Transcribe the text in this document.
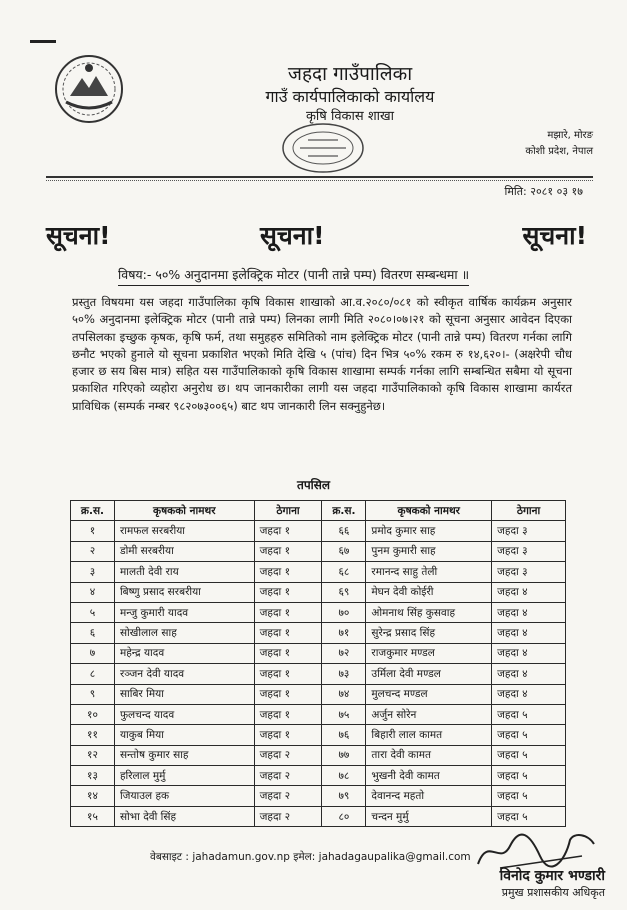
जहदा गाउँपालिका
गाउँ कार्यपालिकाको कार्यालय
कृषि विकास शाखा
मझारे, मोरङ
कोशी प्रदेश, नेपाल
मिति: २०८१ ०३ १७
सूचना!	सूचना!	सूचना!
विषय:- ५०% अनुदानमा इलेक्ट्रिक मोटर (पानी तान्ने पम्प) वितरण सम्बन्धमा ॥
प्रस्तुत विषयमा यस जहदा गाउँपालिका कृषि विकास शाखाको आ.व.२०८०/०८१ को स्वीकृत वार्षिक कार्यक्रम अनुसार ५०% अनुदानमा इलेक्ट्रिक मोटर (पानी तान्ने पम्प) लिनका लागी मिति २०८०।०७।२१ को सूचना अनुसार आवेदन दिएका तपसिलका इच्छुक कृषक, कृषि फर्म, तथा समुहहरु समितिको नाम इलेक्ट्रिक मोटर (पानी तान्ने पम्प) वितरण गर्नका लागि छनौट भएको हुनाले यो सूचना प्रकाशित भएको मिति देखि ५ (पांच) दिन भित्र ५०% रकम रु १४,६२०।- (अक्षरेपी चौध हजार छ सय बिस मात्र) सहित यस गाउँपालिकाको कृषि विकास शाखामा सम्पर्क गर्नका लागि सम्बन्धित सबैमा यो सूचना प्रकाशित गरिएको व्यहोरा अनुरोध छ। थप जानकारीका लागी यस जहदा गाउँपालिकाको कृषि विकास शाखामा कार्यरत प्राविधिक (सम्पर्क नम्बर ९८२०७३००६५) बाट थप जानकारी लिन सक्नुहुनेछ।
तपसिल
क्र.स.	कृषकको नामथर	ठेगाना	क्र.स.	कृषकको नामथर	ठेगाना
१	रामफल सरबरीया	जहदा १	६६	प्रमोद कुमार साह	जहदा ३
२	डोमी सरबरीया	जहदा १	६७	पुनम कुमारी साह	जहदा ३
३	मालती देवी राय	जहदा १	६८	रमानन्द साहु तेली	जहदा ३
४	बिष्णु प्रसाद सरबरीया	जहदा १	६९	मेघन देवी कोईरी	जहदा ४
५	मन्जु कुमारी यादव	जहदा १	७०	ओमनाथ सिंह कुसवाह	जहदा ४
६	सोखीलाल साह	जहदा १	७१	सुरेन्द्र प्रसाद सिंह	जहदा ४
७	महेन्द्र यादव	जहदा १	७२	राजकुमार मण्डल	जहदा ४
८	रञ्जन देवी यादव	जहदा १	७३	उर्मिला देवी मण्डल	जहदा ४
९	साबिर मिया	जहदा १	७४	मुलचन्द मण्डल	जहदा ४
१०	फुलचन्द यादव	जहदा १	७५	अर्जुन सोरेन	जहदा ५
११	याकुब मिया	जहदा १	७६	बिहारी लाल कामत	जहदा ५
१२	सन्तोष कुमार साह	जहदा २	७७	तारा देवी कामत	जहदा ५
१३	हरिलाल मुर्मु	जहदा २	७८	भुखनी देवी कामत	जहदा ५
१४	जियाउल हक	जहदा २	७९	देवानन्द महतो	जहदा ५
१५	सोभा देवी सिंह	जहदा २	८०	चन्दन मुर्मु	जहदा ५
वेबसाइट : jahadamun.gov.np इमेल: jahadagaupalika@gmail.com
विनोद कुमार भण्डारी
प्रमुख प्रशासकीय अधिकृत
